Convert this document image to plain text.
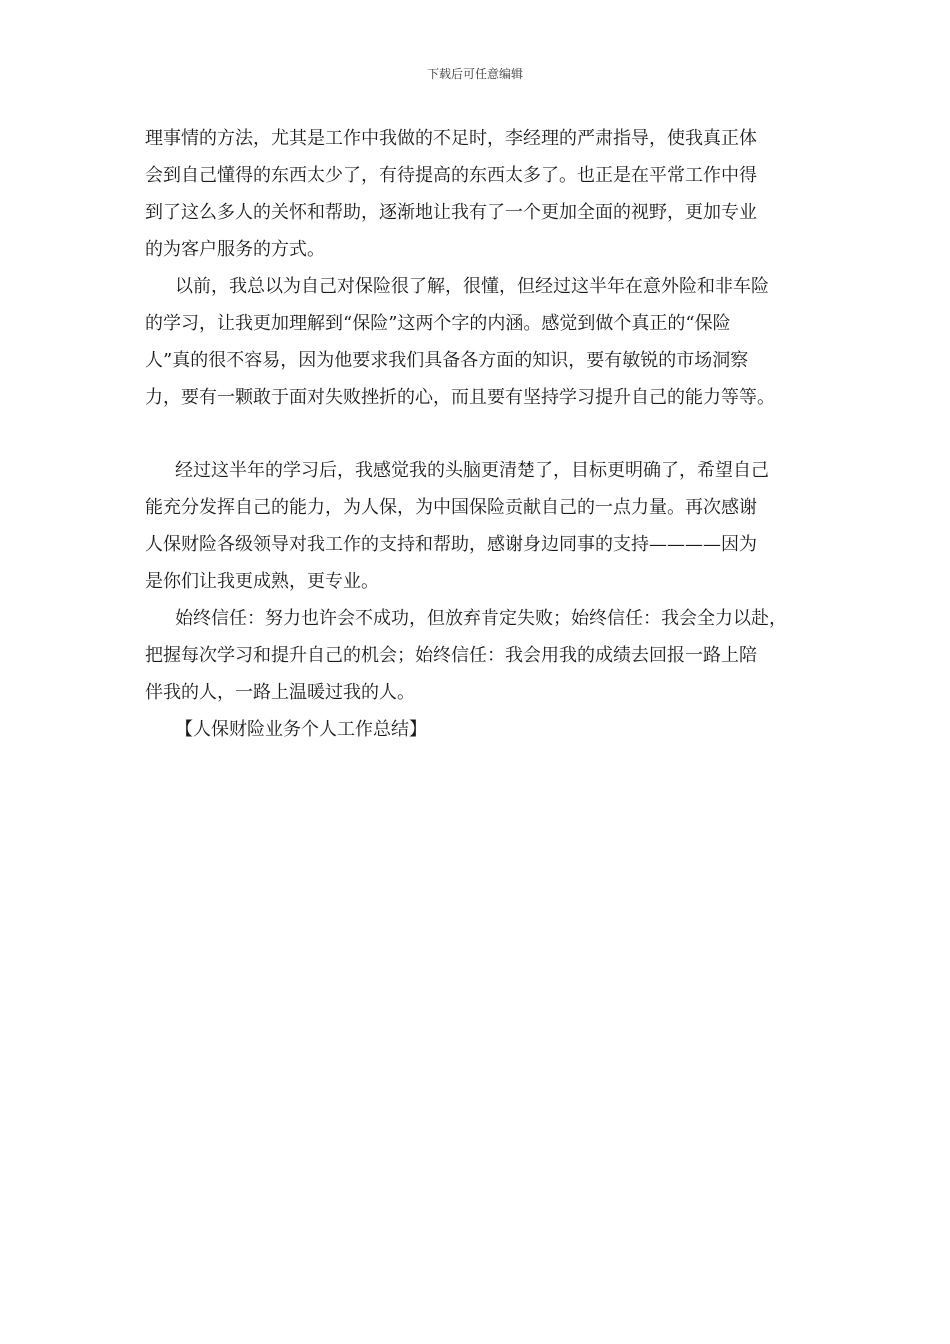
下载后可任意编辑
理事情的方法，尤其是工作中我做的不足时，李经理的严肃指导，使我真正体
会到自己懂得的东西太少了，有待提高的东西太多了。也正是在平常工作中得
到了这么多人的关怀和帮助，逐渐地让我有了一个更加全面的视野，更加专业
的为客户服务的方式。
以前，我总以为自己对保险很了解，很懂，但经过这半年在意外险和非车险
的学习，让我更加理解到“保险”这两个字的内涵。感觉到做个真正的“保险
人”真的很不容易，因为他要求我们具备各方面的知识，要有敏锐的市场洞察
力，要有一颗敢于面对失败挫折的心，而且要有坚持学习提升自己的能力等等。
经过这半年的学习后，我感觉我的头脑更清楚了，目标更明确了，希望自己
能充分发挥自己的能力，为人保，为中国保险贡献自己的一点力量。再次感谢
人保财险各级领导对我工作的支持和帮助，感谢身边同事的支持————因为
是你们让我更成熟，更专业。
始终信任：努力也许会不成功，但放弃肯定失败；始终信任：我会全力以赴，
把握每次学习和提升自己的机会；始终信任：我会用我的成绩去回报一路上陪
伴我的人，一路上温暖过我的人。
【人保财险业务个人工作总结】
